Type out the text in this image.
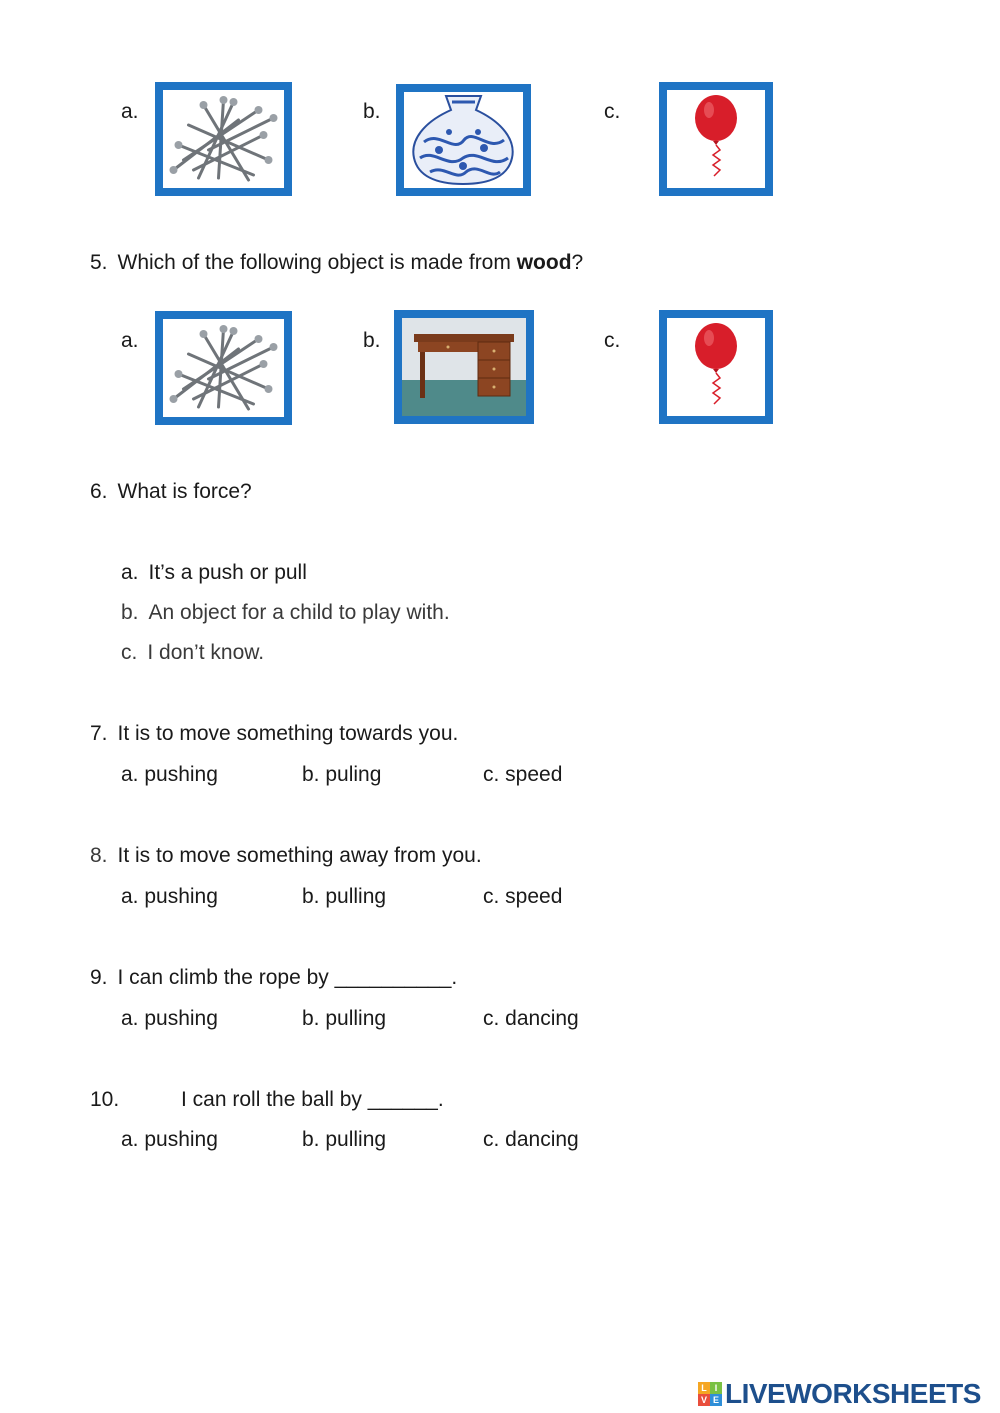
a.	b.	c.
5. Which of the following object is made from wood?
a.	b.	c.
6. What is force?
a. It’s a push or pull
b. An object for a child to play with.
c. I don’t know.
7. It is to move something towards you.
a. pushing	b. puling	c. speed
8. It is to move something away from you.
a. pushing	b. pulling	c. speed
9. I can climb the rope by __________.
a. pushing	b. pulling	c. dancing
10.	I can roll the ball by ______.
a. pushing	b. pulling	c. dancing
L I
V E LIVEWORKSHEETS
